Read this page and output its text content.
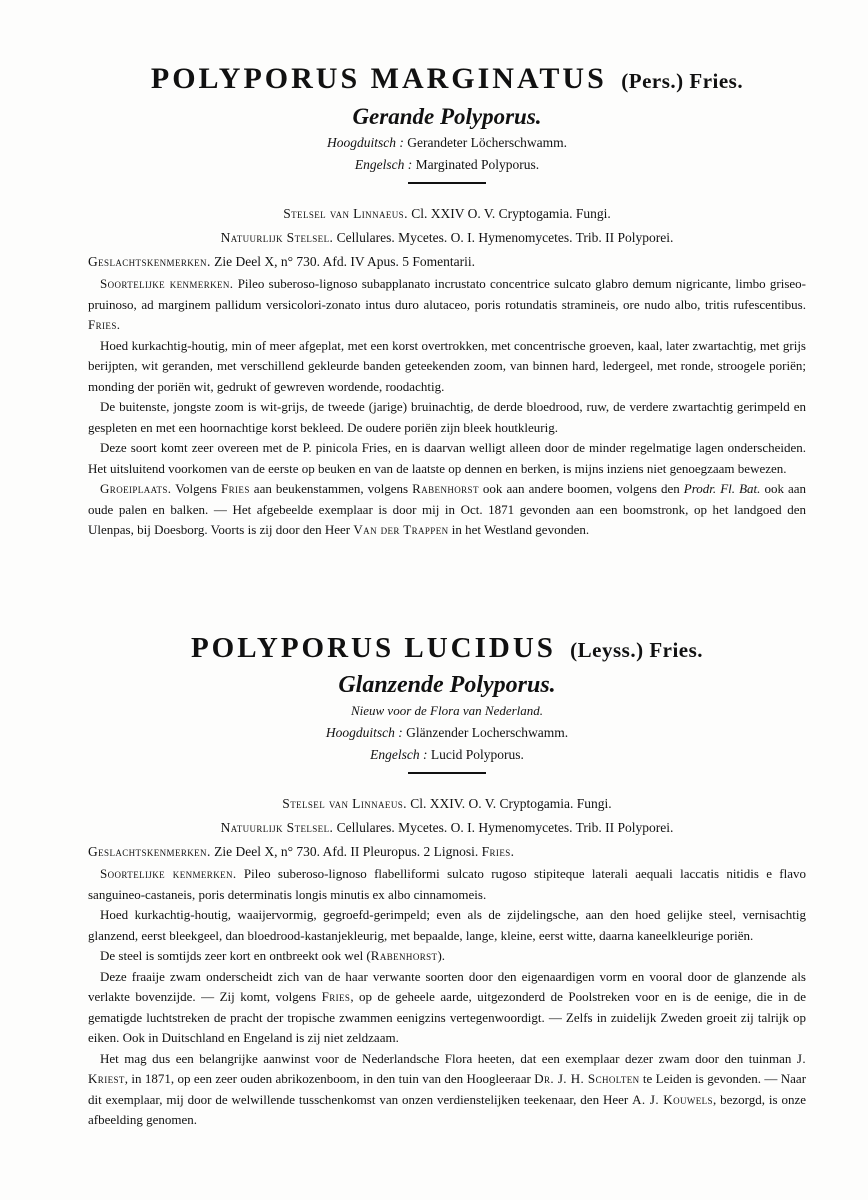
POLYPORUS MARGINATUS (Pers.) Fries.

Gerande Polyporus.

Hoogduitsch : Gerandeter Löcherschwamm.

Engelsch : Marginated Polyporus.

Stelsel van Linnaeus. Cl. XXIV O. V. Cryptogamia. Fungi.

Natuurlijk Stelsel. Cellulares. Mycetes. O. I. Hymenomycetes. Trib. II Polyporei.

Geslachtskenmerken. Zie Deel X, n° 730. Afd. IV Apus. 5 Fomentarii.

Soortelijke kenmerken. Pileo suberoso-lignoso subapplanato incrustato concentrice sulcato glabro demum nigricante, limbo griseo-pruinoso, ad marginem pallidum versicolori-zonato intus duro alutaceo, poris rotundatis stramineis, ore nudo albo, tritis rufescentibus. Fries.

Hoed kurkachtig-houtig, min of meer afgeplat, met een korst overtrokken, met concentrische groeven, kaal, later zwartachtig, met grijs berijpten, wit geranden, met verschillend gekleurde banden geteekenden zoom, van binnen hard, ledergeel, met ronde, stroogele poriën; monding der poriën wit, gedrukt of gewreven wordende, roodachtig.

De buitenste, jongste zoom is wit-grijs, de tweede (jarige) bruinachtig, de derde bloedrood, ruw, de verdere zwartachtig gerimpeld en gespleten en met een hoornachtige korst bekleed. De oudere poriën zijn bleek houtkleurig.

Deze soort komt zeer overeen met de P. pinicola Fries, en is daarvan welligt alleen door de minder regelmatige lagen onderscheiden. Het uitsluitend voorkomen van de eerste op beuken en van de laatste op dennen en berken, is mijns inziens niet genoegzaam bewezen.

Groeiplaats. Volgens Fries aan beukenstammen, volgens Rabenhorst ook aan andere boomen, volgens den Prodr. Fl. Bat. ook aan oude palen en balken. — Het afgebeelde exemplaar is door mij in Oct. 1871 gevonden aan een boomstronk, op het landgoed den Ulenpas, bij Doesborg. Voorts is zij door den Heer Van der Trappen in het Westland gevonden.

POLYPORUS LUCIDUS (Leyss.) Fries.

Glanzende Polyporus.

Nieuw voor de Flora van Nederland.

Hoogduitsch : Glänzender Locherschwamm.

Engelsch : Lucid Polyporus.

Stelsel van Linnaeus. Cl. XXIV. O. V. Cryptogamia. Fungi.

Natuurlijk Stelsel. Cellulares. Mycetes. O. I. Hymenomycetes. Trib. II Polyporei.

Geslachtskenmerken. Zie Deel X, n° 730. Afd. II Pleuropus. 2 Lignosi. Fries.

Soortelijke kenmerken. Pileo suberoso-lignoso flabelliformi sulcato rugoso stipiteque laterali aequali laccatis nitidis e flavo sanguineo-castaneis, poris determinatis longis minutis ex albo cinnamomeis.

Hoed kurkachtig-houtig, waaijervormig, gegroefd-gerimpeld; even als de zijdelingsche, aan den hoed gelijke steel, vernisachtig glanzend, eerst bleekgeel, dan bloedrood-kastanjekleurig, met bepaalde, lange, kleine, eerst witte, daarna kaneelkleurige poriën.

De steel is somtijds zeer kort en ontbreekt ook wel (Rabenhorst).

Deze fraaije zwam onderscheidt zich van de haar verwante soorten door den eigenaardigen vorm en vooral door de glanzende als verlakte bovenzijde. — Zij komt, volgens Fries, op de geheele aarde, uitgezonderd de Poolstreken voor en is de eenige, die in de gematigde luchtstreken de pracht der tropische zwammen eenigzins vertegenwoordigt. — Zelfs in zuidelijk Zweden groeit zij talrijk op eiken. Ook in Duitschland en Engeland is zij niet zeldzaam.

Het mag dus een belangrijke aanwinst voor de Nederlandsche Flora heeten, dat een exemplaar dezer zwam door den tuinman J. Kriest, in 1871, op een zeer ouden abrikozenboom, in den tuin van den Hoogleeraar Dr. J. H. Scholten te Leiden is gevonden. — Naar dit exemplaar, mij door de welwillende tusschenkomst van onzen verdienstelijken teekenaar, den Heer A. J. Kouwels, bezorgd, is onze afbeelding genomen.
